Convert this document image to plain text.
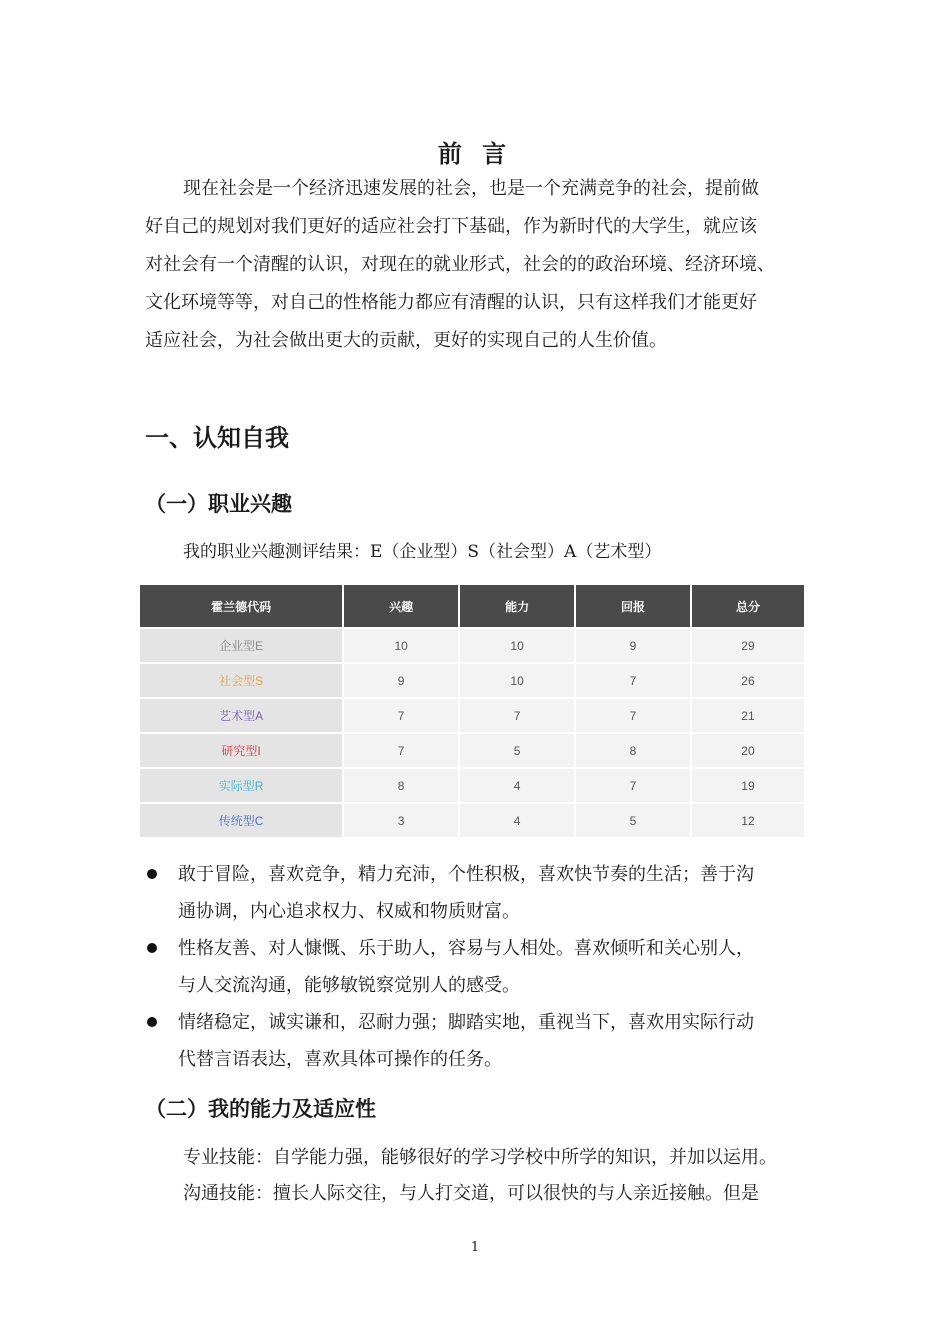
前 言
现在社会是一个经济迅速发展的社会，也是一个充满竞争的社会，提前做
好自己的规划对我们更好的适应社会打下基础，作为新时代的大学生，就应该
对社会有一个清醒的认识，对现在的就业形式，社会的的政治环境、经济环境、
文化环境等等，对自己的性格能力都应有清醒的认识，只有这样我们才能更好
适应社会，为社会做出更大的贡献，更好的实现自己的人生价值。
一、认知自我
（一）职业兴趣
我的职业兴趣测评结果：E（企业型）S（社会型）A（艺术型）
霍兰德代码	兴趣	能力	回报	总分
企业型E	10	10	9	29
社会型S	9	10	7	26
艺术型A	7	7	7	21
研究型I	7	5	8	20
实际型R	8	4	7	19
传统型C	3	4	5	12
敢于冒险，喜欢竞争，精力充沛，个性积极，喜欢快节奏的生活；善于沟
通协调，内心追求权力、权威和物质财富。
性格友善、对人慷慨、乐于助人，容易与人相处。喜欢倾听和关心别人，
与人交流沟通，能够敏锐察觉别人的感受。
情绪稳定，诚实谦和，忍耐力强；脚踏实地，重视当下，喜欢用实际行动
代替言语表达，喜欢具体可操作的任务。
（二）我的能力及适应性
专业技能：自学能力强，能够很好的学习学校中所学的知识，并加以运用。
沟通技能：擅长人际交往，与人打交道，可以很快的与人亲近接触。但是
1
